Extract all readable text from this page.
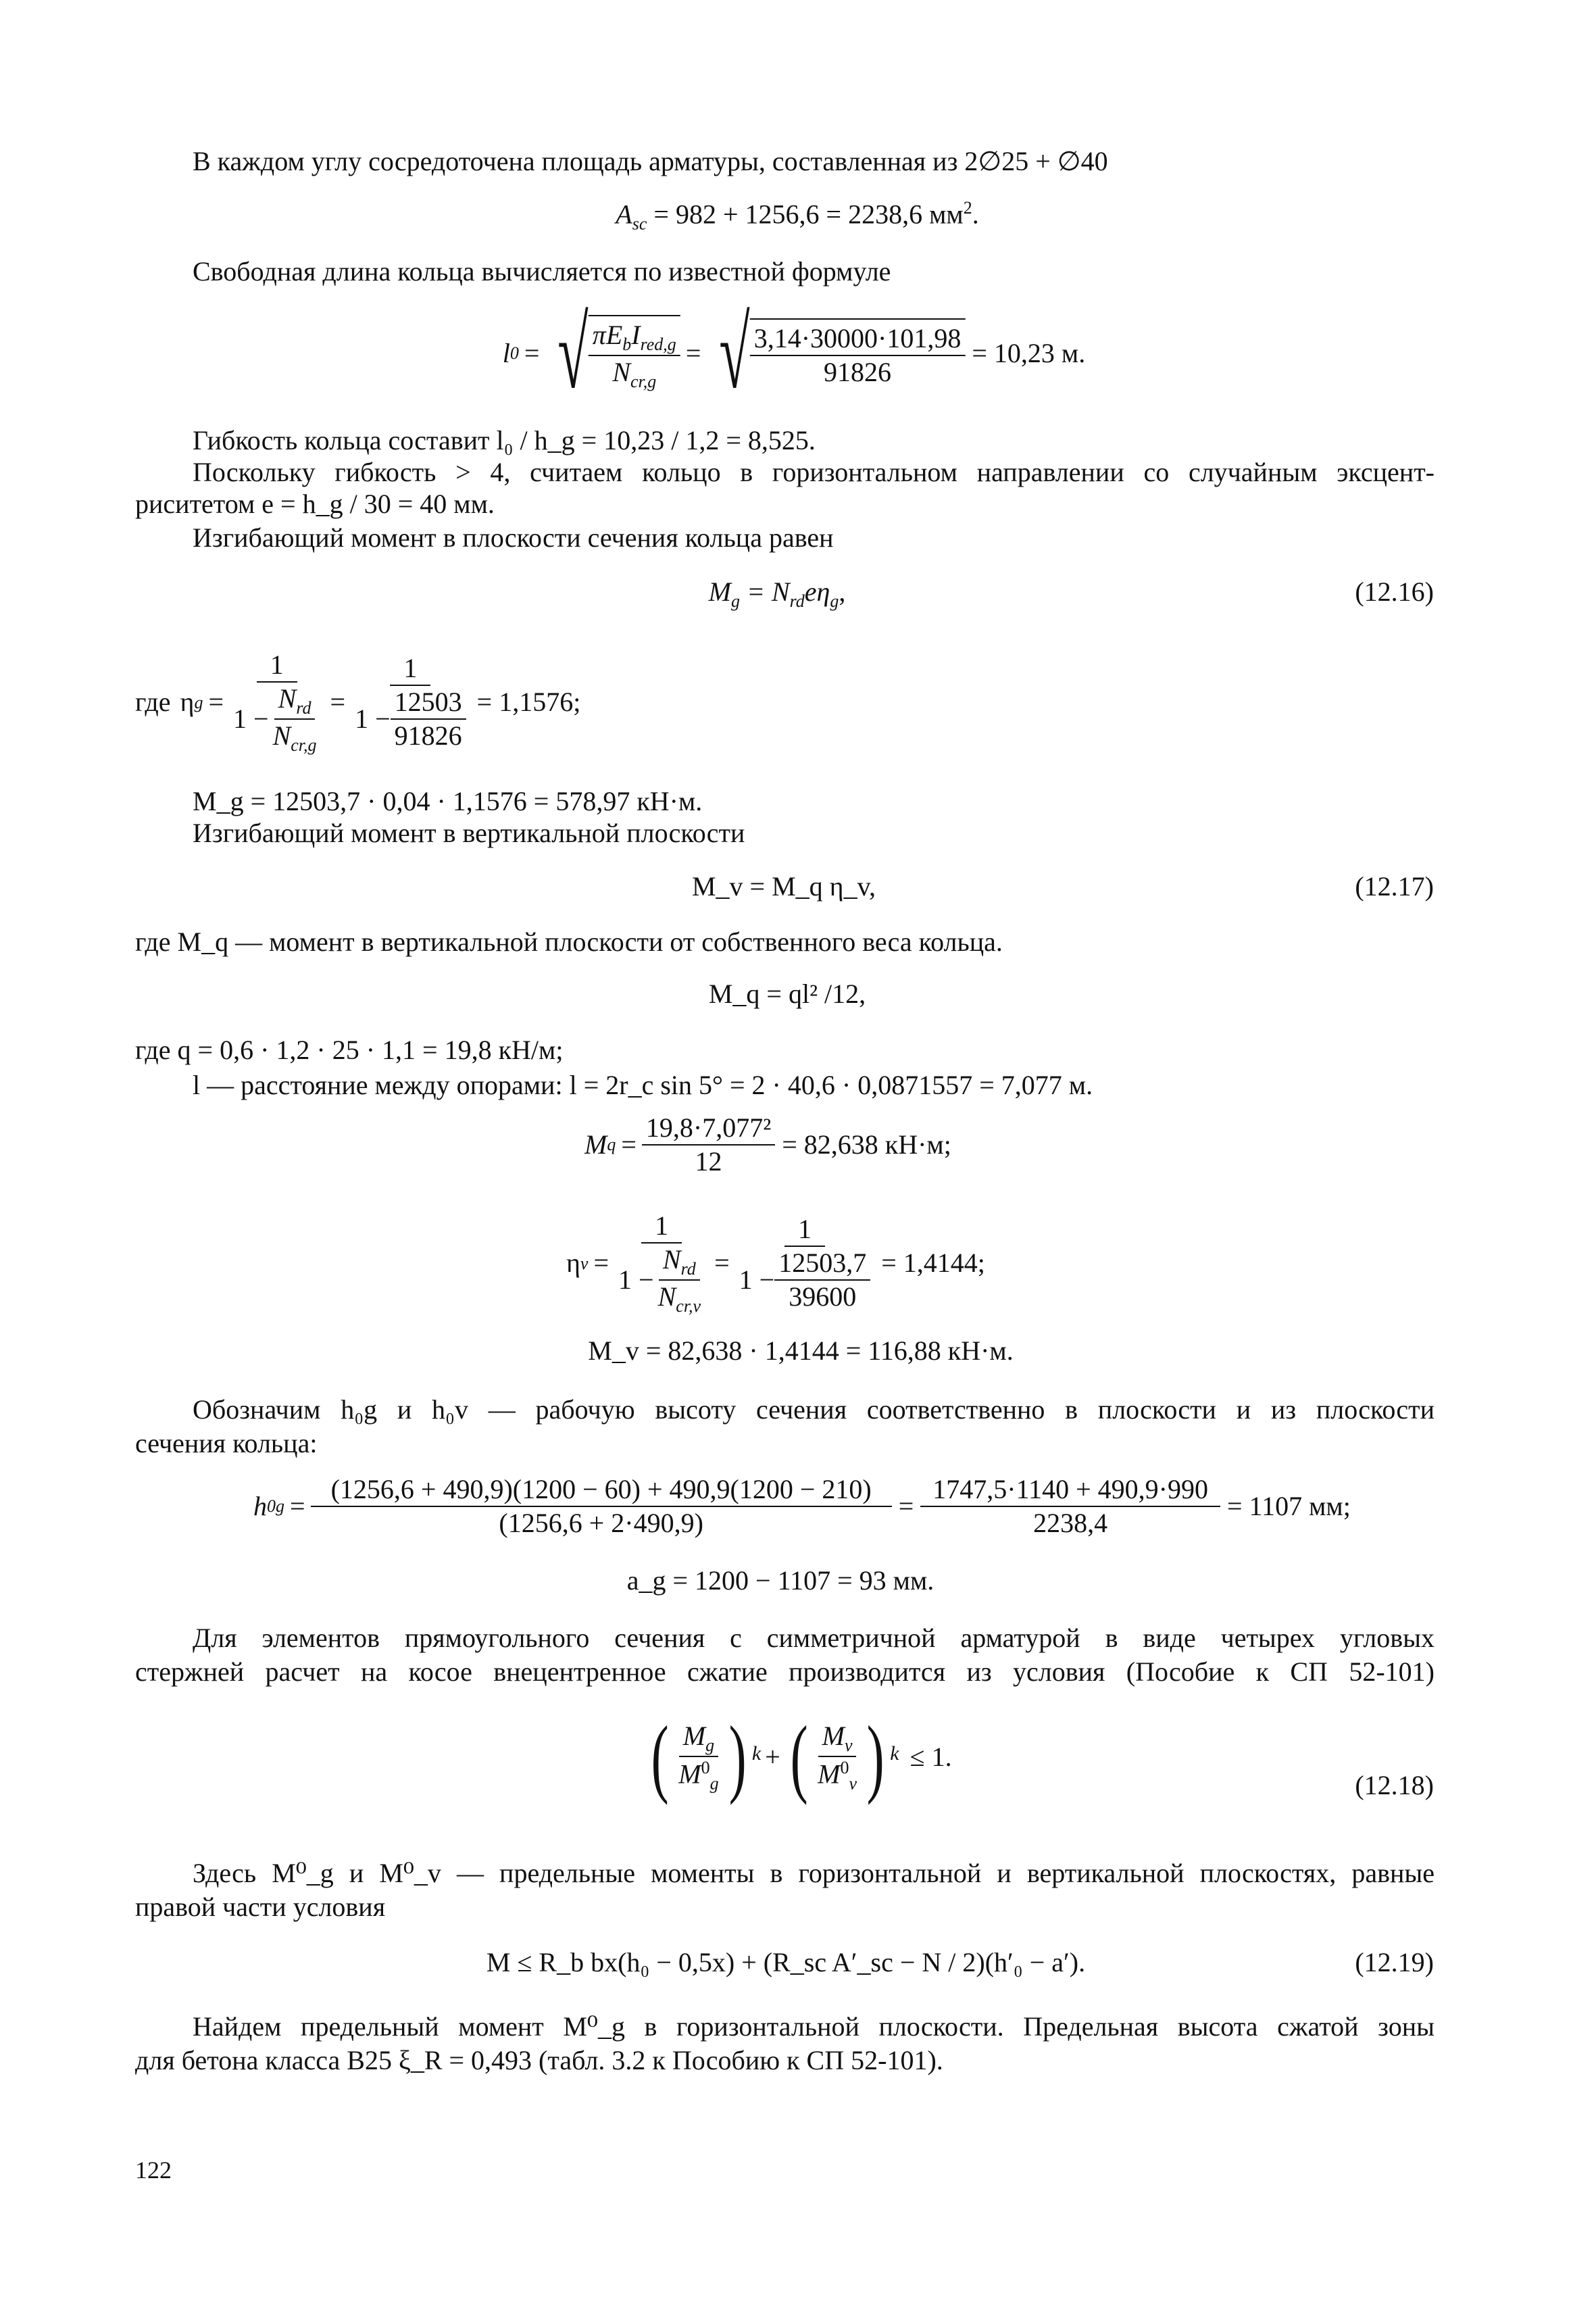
В каждом углу сосредоточена площадь арматуры, составленная из 2∅25 + ∅40
$A_{sc} = 982 + 1256,6 = 2238,6$ $мм^2$.
Свободная длина кольца вычисляется по известной формуле
l 0 = √ $\frac{\pi E_bI_{red,g}}{N_{cr,g}}$ = √ $\frac{3,14\cdot 30000\cdot 101,98}{91826} = 10,23$ м.
Гибкость кольца составит l₀ / h_g = 10,23 / 1,2 = 8,525.
Поскольку гибкость > 4, считаем кольцо в горизонтальном направлении со случайным эксцент-
риситетом e = h_g / 30 = 40 мм.
Изгибающий момент в плоскости сечения кольца равен
$M_g = N_{rd}e\eta_g$,	(12.16)
где η $g = \frac{1}{1 - \frac{N_{rd}}{N_{cr,g}}} = \frac{1}{1 - \frac{12503}{91826}} = 1,1576$;
M_g = 12503,7 · 0,04 · 1,1576 = 578,97 кН·м.
Изгибающий момент в вертикальной плоскости
M_v = M_q η_v,	(12.17)
где M_q — момент в вертикальной плоскости от собственного веса кольца.
M_q = ql² /12,
где q = 0,6 · 1,2 · 25 · 1,1 = 19,8 кН/м;
l — расстояние между опорами: l = 2r_c sin 5° = 2 · 40,6 · 0,0871557 = 7,077 м.
M $q = \frac{\text{19,8·7,077²}}{12} = 82,638$ кН·м;
η $v = \frac{1}{1 - \frac{N_{rd}}{N_{cr,v}}} = \frac{1}{1 - \frac{12503,7}{39600}} = 1,4144$;
M_v = 82,638 · 1,4144 = 116,88 кН·м.
Обозначим h₀g и h₀v — рабочую высоту сечения соответственно в плоскости и из плоскости
сечения кольца:
h $0g = \frac{(1256,6 + 490,9)(1200 - 60) + 490,9(1200 - 210)}{(1256,6 + 2\cdot 490,9)} = \frac{1747,5\cdot 1140 + 490,9\cdot 990}{2238,4} = 1107$ мм;
a_g = 1200 − 1107 = 93 мм.
Для элементов прямоугольного сечения с симметричной арматурой в виде четырех угловых
стержней расчет на косое внецентренное сжатие производится из условия (Пособие к СП 52-101)
( $\frac{M_g}{M^0_g}$ ) k + ( $\frac{M_v}{M^0_v}$ ) k ≤ 1.
(12.18)
Здесь M⁰_g и M⁰_v — предельные моменты в горизонтальной и вертикальной плоскостях, равные
правой части условия
M ≤ R_b bx(h₀ − 0,5x) + (R_sc A′_sc − N / 2)(h′₀ − a′).	(12.19)
Найдем предельный момент M⁰_g в горизонтальной плоскости. Предельная высота сжатой зоны
для бетона класса В25 ξ_R = 0,493 (табл. 3.2 к Пособию к СП 52-101).
122
